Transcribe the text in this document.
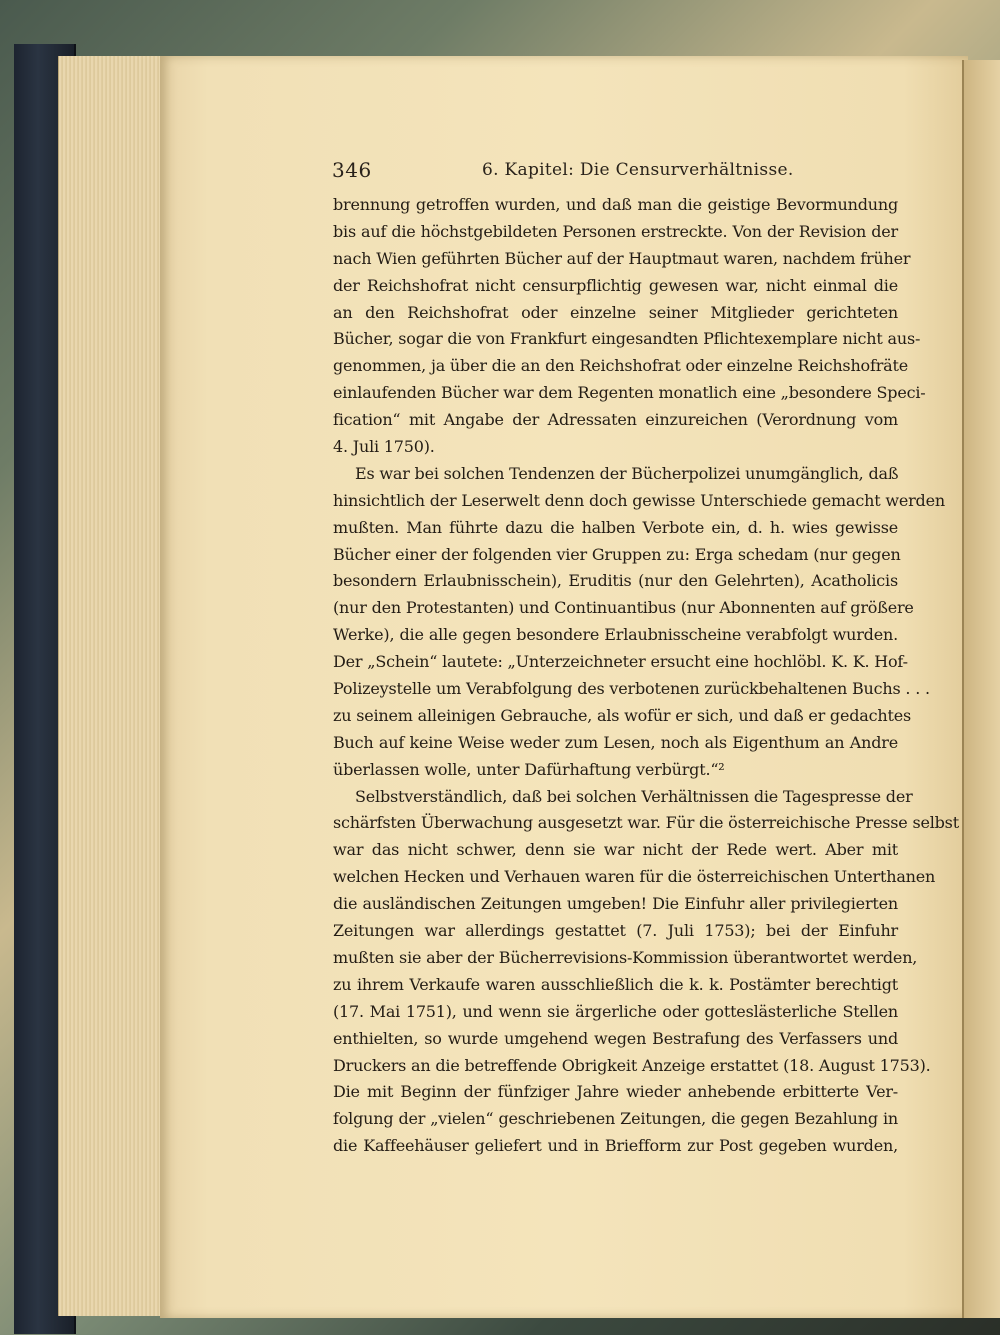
346	6. Kapitel: Die Censurverhältnisse.
brennung getroffen wurden, und daß man die geistige Bevormundung
bis auf die höchstgebildeten Personen erstreckte. Von der Revision der
nach Wien geführten Bücher auf der Hauptmaut waren, nachdem früher
der Reichshofrat nicht censurpflichtig gewesen war, nicht einmal die
an den Reichshofrat oder einzelne seiner Mitglieder gerichteten
Bücher, sogar die von Frankfurt eingesandten Pflichtexemplare nicht aus-
genommen, ja über die an den Reichshofrat oder einzelne Reichshofräte
einlaufenden Bücher war dem Regenten monatlich eine „besondere Speci-
fication“ mit Angabe der Adressaten einzureichen (Verordnung vom
4. Juli 1750).
Es war bei solchen Tendenzen der Bücherpolizei unumgänglich, daß
hinsichtlich der Leserwelt denn doch gewisse Unterschiede gemacht werden
mußten. Man führte dazu die halben Verbote ein, d. h. wies gewisse
Bücher einer der folgenden vier Gruppen zu: Erga schedam (nur gegen
besondern Erlaubnisschein), Eruditis (nur den Gelehrten), Acatholicis
(nur den Protestanten) und Continuantibus (nur Abonnenten auf größere
Werke), die alle gegen besondere Erlaubnisscheine verabfolgt wurden.
Der „Schein“ lautete: „Unterzeichneter ersucht eine hochlöbl. K. K. Hof-
Polizeystelle um Verabfolgung des verbotenen zurückbehaltenen Buchs . . .
zu seinem alleinigen Gebrauche, als wofür er sich, und daß er gedachtes
Buch auf keine Weise weder zum Lesen, noch als Eigenthum an Andre
überlassen wolle, unter Dafürhaftung verbürgt.“²
Selbstverständlich, daß bei solchen Verhältnissen die Tagespresse der
schärfsten Überwachung ausgesetzt war. Für die österreichische Presse selbst
war das nicht schwer, denn sie war nicht der Rede wert. Aber mit
welchen Hecken und Verhauen waren für die österreichischen Unterthanen
die ausländischen Zeitungen umgeben! Die Einfuhr aller privilegierten
Zeitungen war allerdings gestattet (7. Juli 1753); bei der Einfuhr
mußten sie aber der Bücherrevisions-Kommission überantwortet werden,
zu ihrem Verkaufe waren ausschließlich die k. k. Postämter berechtigt
(17. Mai 1751), und wenn sie ärgerliche oder gotteslästerliche Stellen
enthielten, so wurde umgehend wegen Bestrafung des Verfassers und
Druckers an die betreffende Obrigkeit Anzeige erstattet (18. August 1753).
Die mit Beginn der fünfziger Jahre wieder anhebende erbitterte Ver-
folgung der „vielen“ geschriebenen Zeitungen, die gegen Bezahlung in
die Kaffeehäuser geliefert und in Briefform zur Post gegeben wurden,
